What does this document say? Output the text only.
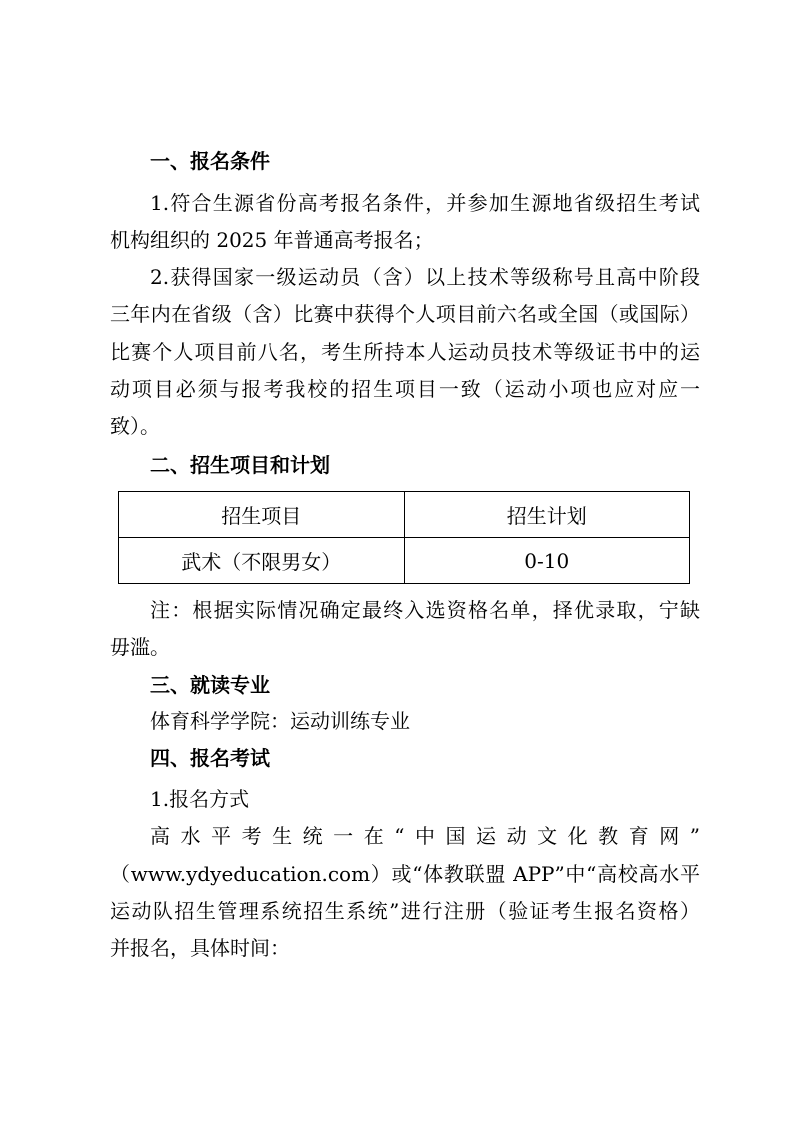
一、报名条件
1.符合生源省份高考报名条件，并参加生源地省级招生考试
机构组织的 2025 年普通高考报名；
2.获得国家一级运动员（含）以上技术等级称号且高中阶段
三年内在省级（含）比赛中获得个人项目前六名或全国（或国际）
比赛个人项目前八名，考生所持本人运动员技术等级证书中的运
动项目必须与报考我校的招生项目一致（运动小项也应对应一
致）。
二、招生项目和计划
招生项目	招生计划
武术（不限男女）	0-10
注：根据实际情况确定最终入选资格名单，择优录取，宁缺
毋滥。
三、就读专业
体育科学学院：运动训练专业
四、报名考试
1.报名方式
高水平考生统一在“中国运动文化教育网”
（www.ydyeducation.com）或“体教联盟 APP”中“高校高水平
运动队招生管理系统招生系统”进行注册（验证考生报名资格）
并报名，具体时间：
